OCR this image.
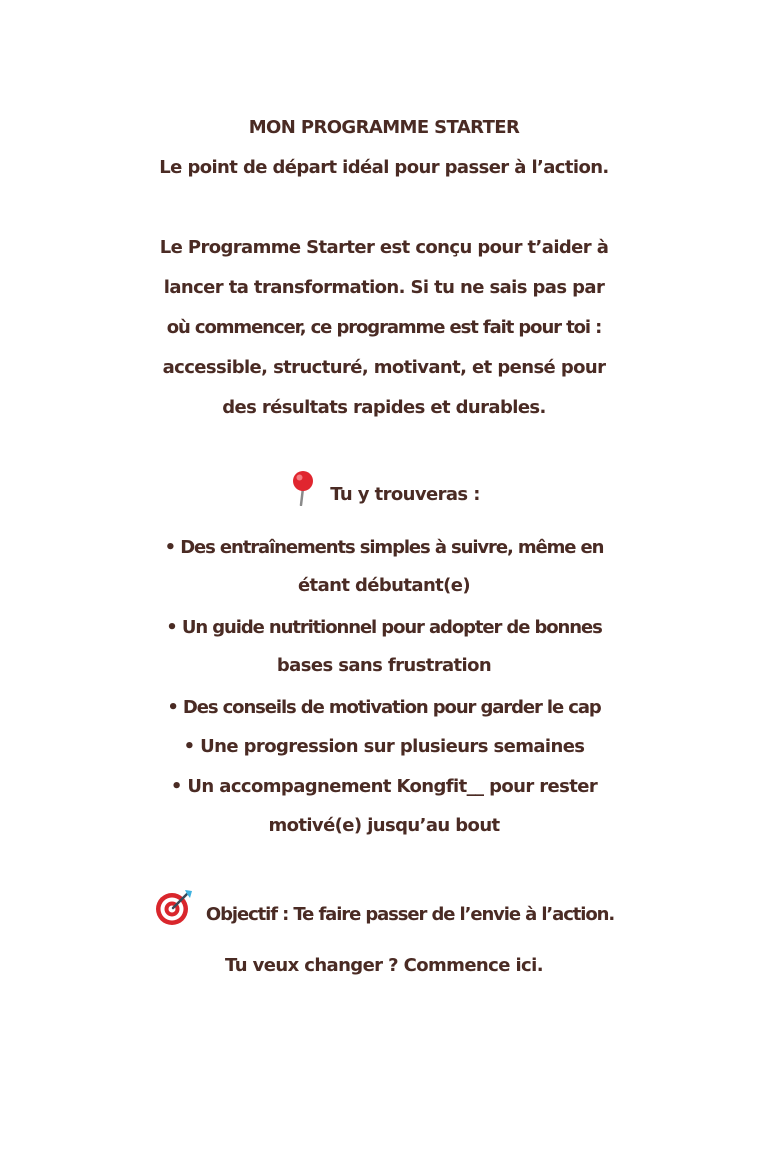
MON PROGRAMME STARTER
Le point de départ idéal pour passer à l’action.
Le Programme Starter est conçu pour t’aider à
lancer ta transformation. Si tu ne sais pas par
où commencer, ce programme est fait pour toi :
accessible, structuré, motivant, et pensé pour
des résultats rapides et durables.
Tu y trouveras :
• Des entraînements simples à suivre, même en
étant débutant(e)
• Un guide nutritionnel pour adopter de bonnes
bases sans frustration
• Des conseils de motivation pour garder le cap
• Une progression sur plusieurs semaines
• Un accompagnement Kongfit__ pour rester
motivé(e) jusqu’au bout
Objectif : Te faire passer de l’envie à l’action.
Tu veux changer ? Commence ici.
